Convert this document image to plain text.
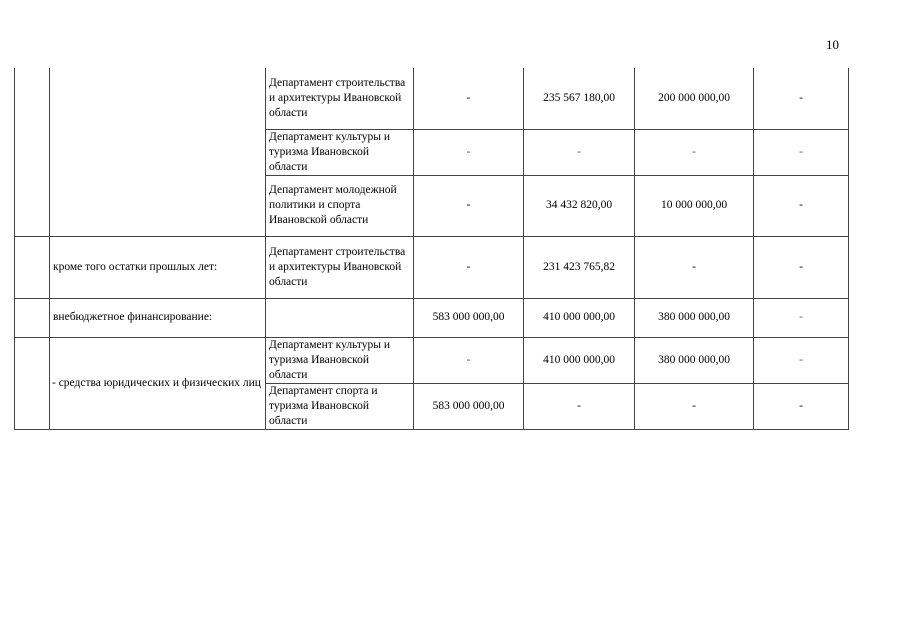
10
		Департамент строительства и архитектуры Ивановской области	-	235 567 180,00	200 000 000,00	-
		Департамент культуры и туризма Ивановской области	-	-	-	-
		Департамент молодежной политики и спорта Ивановской области	-	34 432 820,00	10 000 000,00	-
	кроме того остатки прошлых лет:	Департамент строительства и архитектуры Ивановской области	-	231 423 765,82	-	-
	внебюджетное финансирование:		583 000 000,00	410 000 000,00	380 000 000,00	-
	- средства юридических и физических лиц	Департамент культуры и туризма Ивановской области	-	410 000 000,00	380 000 000,00	-
		Департамент спорта и туризма Ивановской области	583 000 000,00	-	-	-
